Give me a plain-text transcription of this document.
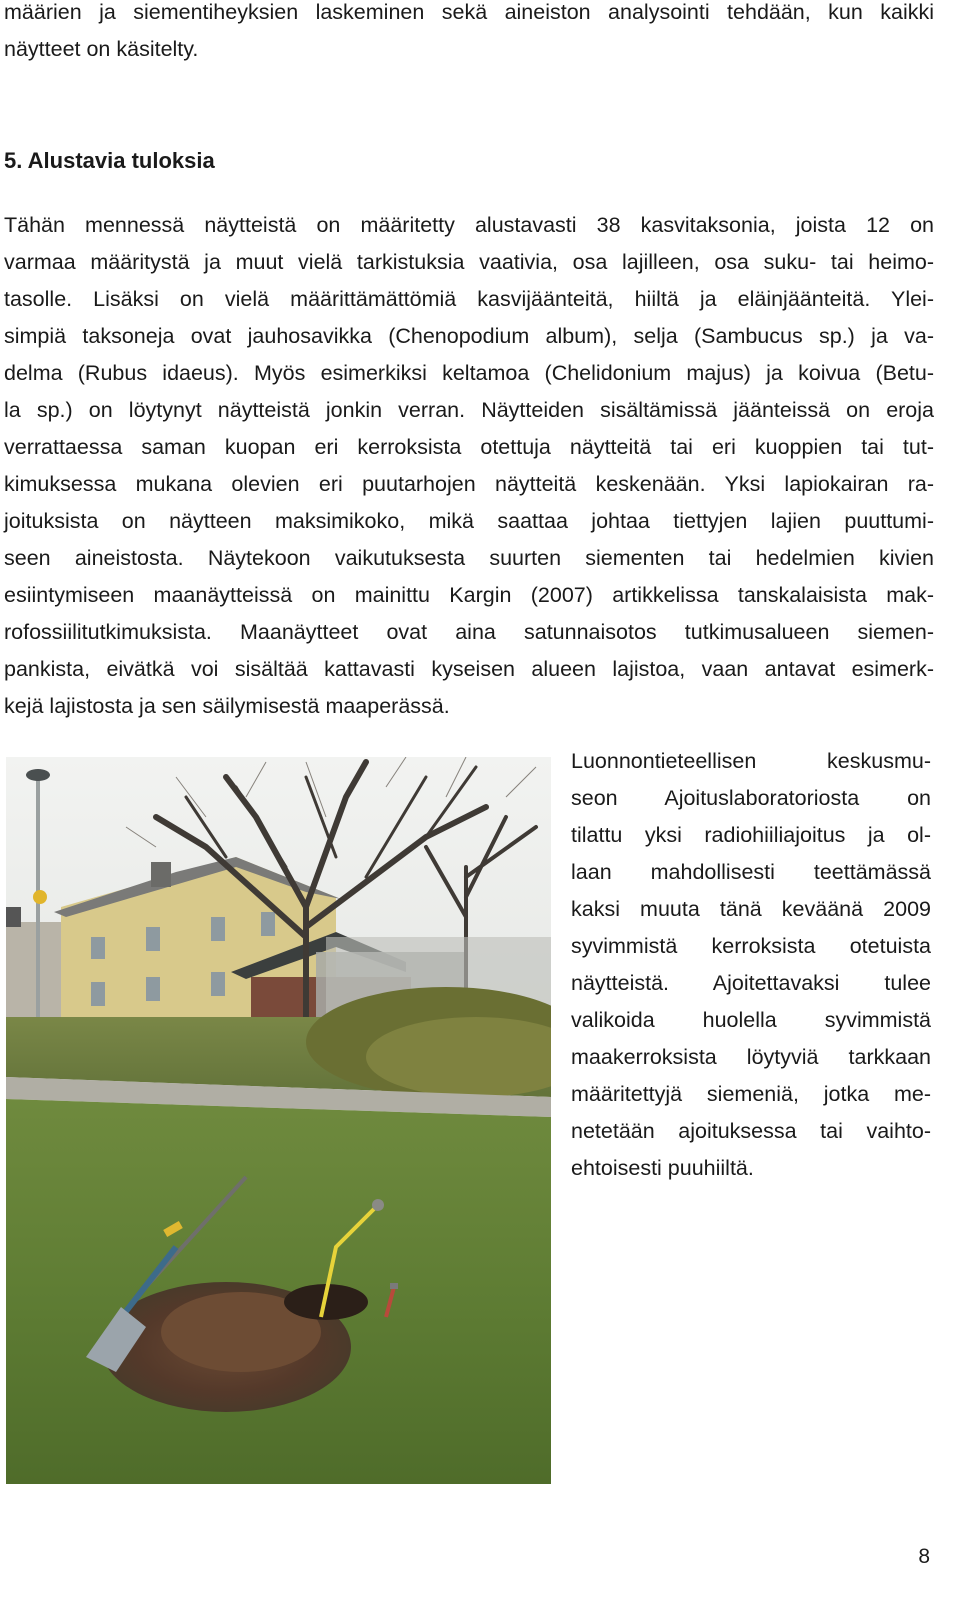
määrien ja siementiheyksien laskeminen sekä aineiston analysointi tehdään, kun kaikki
näytteet on käsitelty.

5. Alustavia tuloksia

Tähän mennessä näytteistä on määritetty alustavasti 38 kasvitaksonia, joista 12 on
varmaa määritystä ja muut vielä tarkistuksia vaativia, osa lajilleen, osa suku- tai heimo-
tasolle. Lisäksi on vielä määrittämättömiä kasvijäänteitä, hiiltä ja eläinjäänteitä. Ylei-
simpiä taksoneja ovat jauhosavikka (Chenopodium album), selja (Sambucus sp.) ja va-
delma (Rubus idaeus). Myös esimerkiksi keltamoa (Chelidonium majus) ja koivua (Betu-
la sp.) on löytynyt näytteistä jonkin verran. Näytteiden sisältämissä jäänteissä on eroja
verrattaessa saman kuopan eri kerroksista otettuja näytteitä tai eri kuoppien tai tut-
kimuksessa mukana olevien eri puutarhojen näytteitä keskenään. Yksi lapiokairan ra-
joituksista on näytteen maksimikoko, mikä saattaa johtaa tiettyjen lajien puuttumi-
seen aineistosta. Näytekoon vaikutuksesta suurten siementen tai hedelmien kivien
esiintymiseen maanäytteissä on mainittu Kargin (2007) artikkelissa tanskalaisista mak-
rofossiilitutkimuksista. Maanäytteet ovat aina satunnaisotos tutkimusalueen siemen-
pankista, eivätkä voi sisältää kattavasti kyseisen alueen lajistoa, vaan antavat esimerk-
kejä lajistosta ja sen säilymisestä maaperässä.

Luonnontieteellisen keskusmu-
seon Ajoituslaboratoriosta on
tilattu yksi radiohiiliajoitus ja ol-
laan mahdollisesti teettämässä
kaksi muuta tänä keväänä 2009
syvimmistä kerroksista otetuista
näytteistä. Ajoitettavaksi tulee
valikoida huolella syvimmistä
maakerroksista löytyviä tarkkaan
määritettyjä siemeniä, jotka me-
netetään ajoituksessa tai vaihto-
ehtoisesti puuhiiltä.

8
